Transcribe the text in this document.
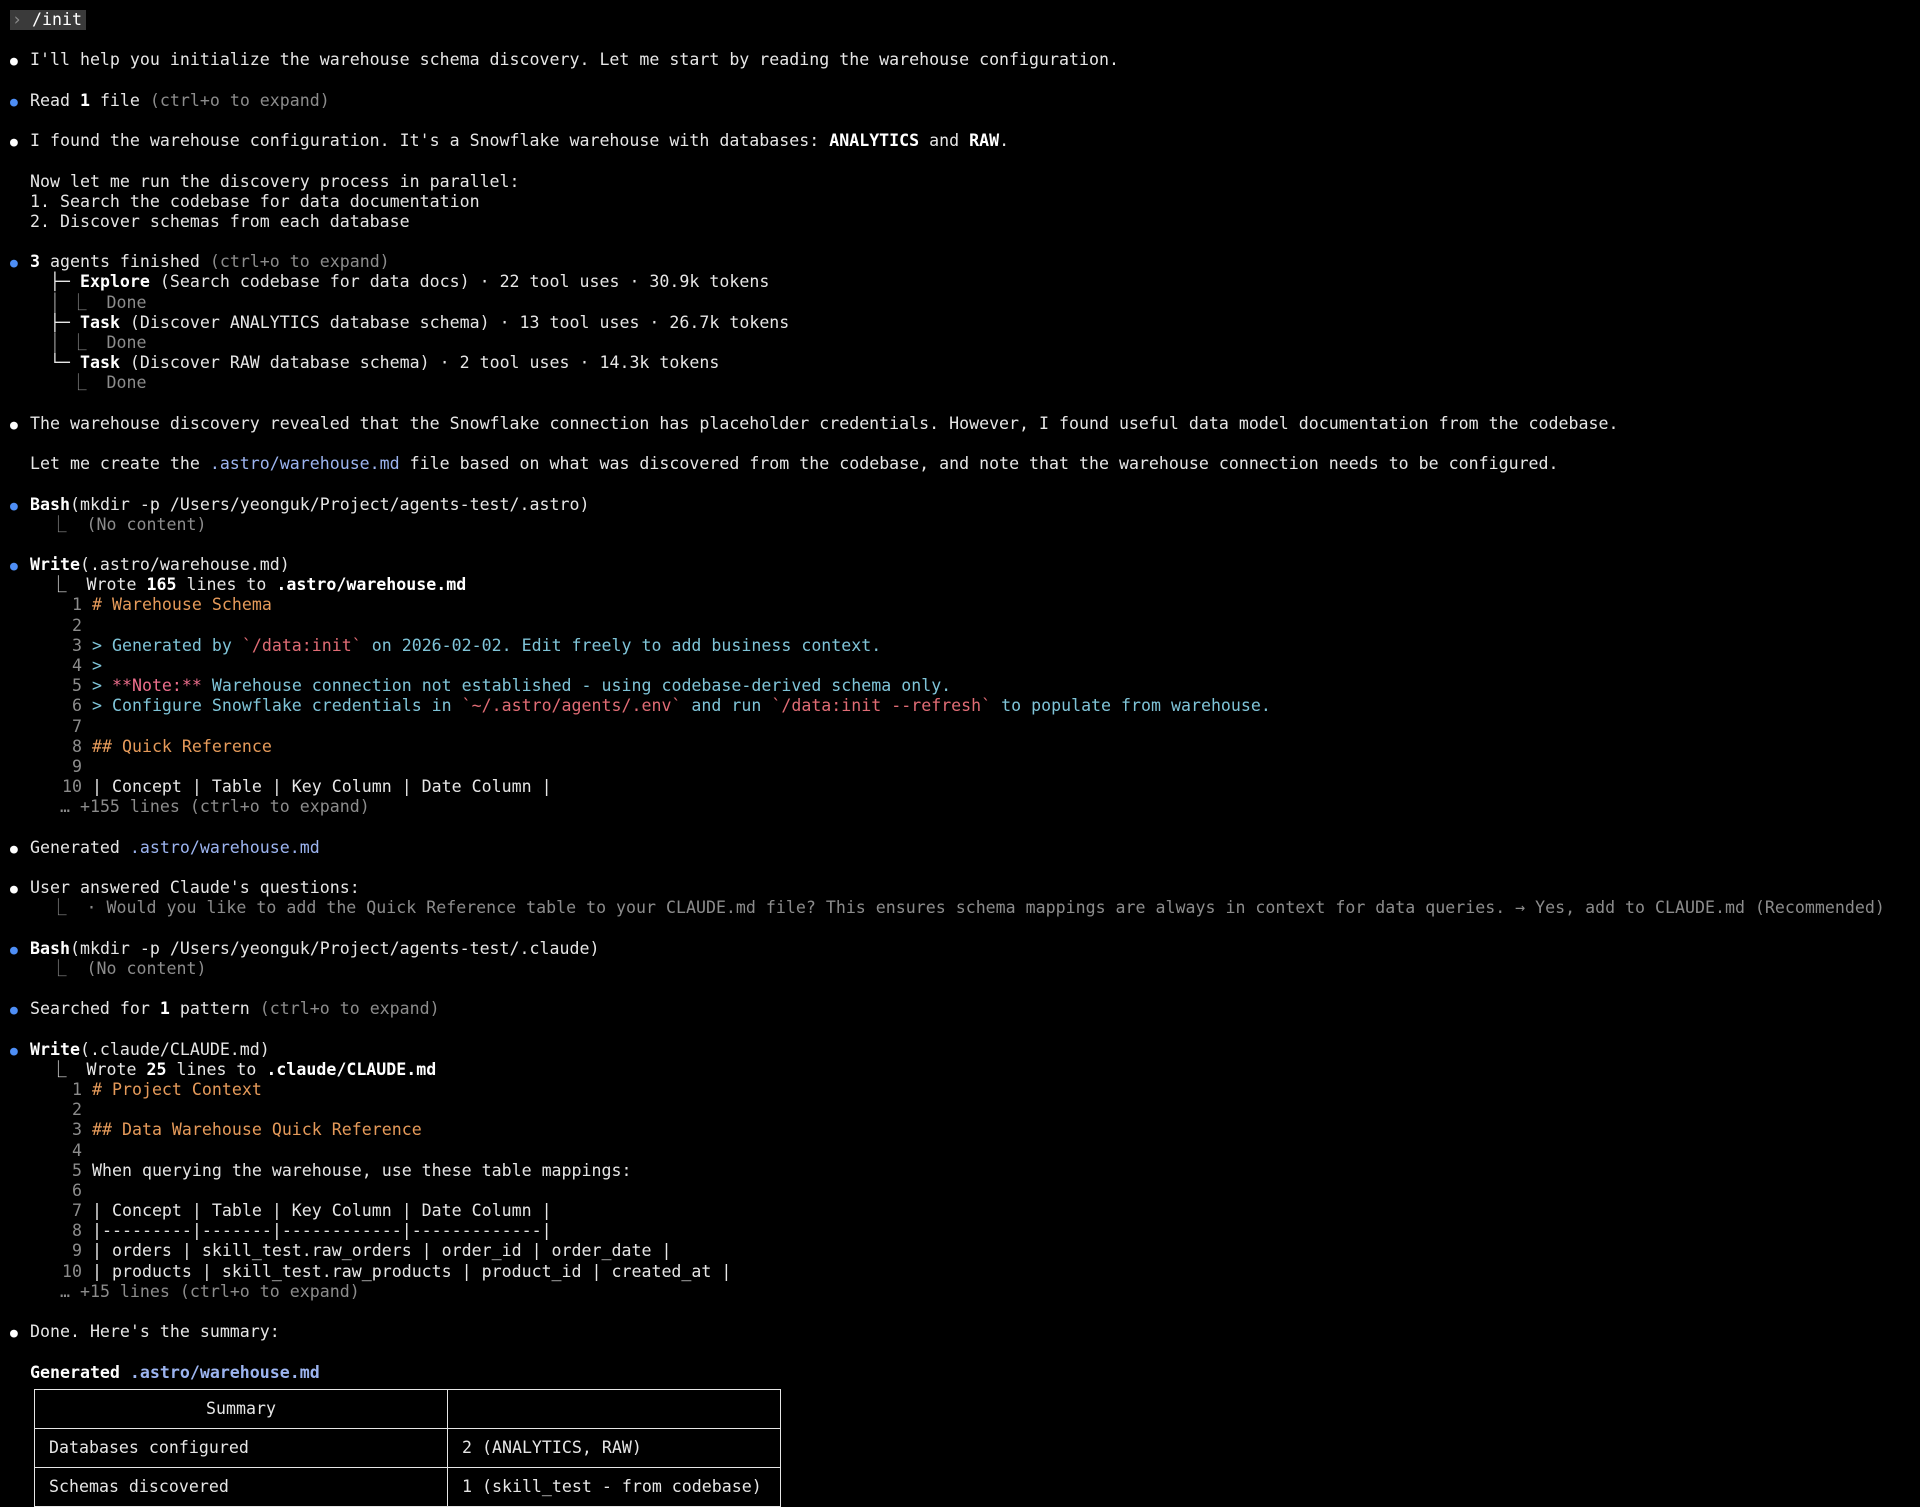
› /init
●
I'll help you initialize the warehouse schema discovery. Let me start by reading the warehouse configuration.
●
Read 1 file (ctrl+o to expand)
●
I found the warehouse configuration. It's a Snowflake warehouse with databases: ANALYTICS and RAW.
Now let me run the discovery process in parallel:
1. Search the codebase for data documentation
2. Discover schemas from each database
●
3 agents finished (ctrl+o to expand)
├─ Explore (Search codebase for data docs) · 22 tool uses · 30.9k tokens
│ ⎿  Done
├─ Task (Discover ANALYTICS database schema) · 13 tool uses · 26.7k tokens
│ ⎿  Done
└─ Task (Discover RAW database schema) · 2 tool uses · 14.3k tokens
⎿  Done
●
The warehouse discovery revealed that the Snowflake connection has placeholder credentials. However, I found useful data model documentation from the codebase.
Let me create the .astro/warehouse.md file based on what was discovered from the codebase, and note that the warehouse connection needs to be configured.
●
Bash(mkdir -p /Users/yeonguk/Project/agents-test/.astro)
⎿  (No content)
●
Write(.astro/warehouse.md)
⎿  Wrote 165 lines to .astro/warehouse.md
1 # Warehouse Schema
2
3 > Generated by `/data:init` on 2026-02-02. Edit freely to add business context.
4 >
5 > **Note:** Warehouse connection not established - using codebase-derived schema only.
6 > Configure Snowflake credentials in `~/.astro/agents/.env` and run `/data:init --refresh` to populate from warehouse.
7
8 ## Quick Reference
9
10 | Concept | Table | Key Column | Date Column |
… +155 lines (ctrl+o to expand)
●
Generated .astro/warehouse.md
●
User answered Claude's questions:
⎿  · Would you like to add the Quick Reference table to your CLAUDE.md file? This ensures schema mappings are always in context for data queries. → Yes, add to CLAUDE.md (Recommended)
●
Bash(mkdir -p /Users/yeonguk/Project/agents-test/.claude)
⎿  (No content)
●
Searched for 1 pattern (ctrl+o to expand)
●
Write(.claude/CLAUDE.md)
⎿  Wrote 25 lines to .claude/CLAUDE.md
1 # Project Context
2
3 ## Data Warehouse Quick Reference
4
5 When querying the warehouse, use these table mappings:
6
7 | Concept | Table | Key Column | Date Column |
8 |---------|-------|------------|-------------|
9 | orders | skill_test.raw_orders | order_id | order_date |
10 | products | skill_test.raw_products | product_id | created_at |
… +15 lines (ctrl+o to expand)
●
Done. Here's the summary:
Generated .astro/warehouse.md
Summary	
Databases configured	2 (ANALYTICS, RAW)
Schemas discovered	1 (skill_test - from codebase)
